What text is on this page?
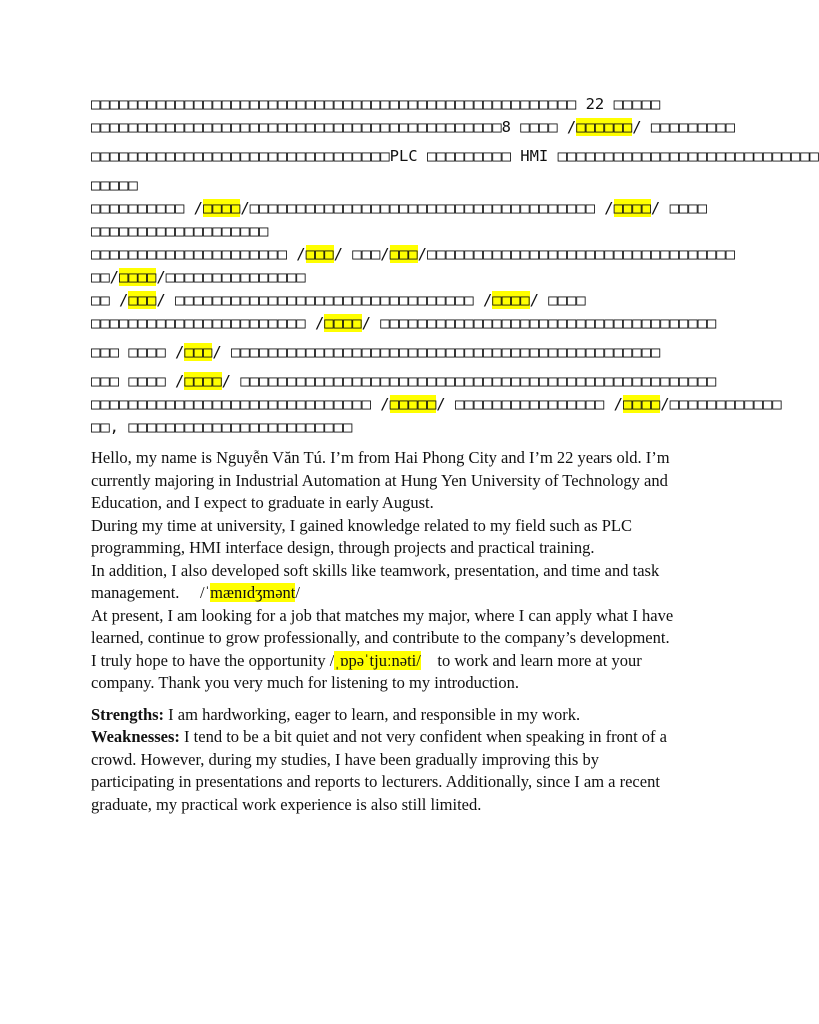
□□□□□□□□□□□□□□□□□□□□□□□□□□□□□□□□□□□□□□□□□□□□□□□□□□□□ 22 □□□□□
□□□□□□□□□□□□□□□□□□□□□□□□□□□□□□□□□□□□□□□□□□□□8 □□□□ /□□□□□□/ □□□□□□□□□
□□□□□□□□□□□□□□□□□□□□□□□□□□□□□□□□PLC □□□□□□□□□ HMI □□□□□□□□□□□□□□□□□□□□□□□□□□□□
□□□□□
□□□□□□□□□□ /□□□□/□□□□□□□□□□□□□□□□□□□□□□□□□□□□□□□□□□□□□ /□□□□/ □□□□
□□□□□□□□□□□□□□□□□□□
□□□□□□□□□□□□□□□□□□□□□ /□□□/ □□□/□□□/□□□□□□□□□□□□□□□□□□□□□□□□□□□□□□□□□
□□/□□□□/□□□□□□□□□□□□□□□
□□ /□□□/ □□□□□□□□□□□□□□□□□□□□□□□□□□□□□□□□ /□□□□/ □□□□
□□□□□□□□□□□□□□□□□□□□□□□ /□□□□/ □□□□□□□□□□□□□□□□□□□□□□□□□□□□□□□□□□□□
□□□ □□□□ /□□□/ □□□□□□□□□□□□□□□□□□□□□□□□□□□□□□□□□□□□□□□□□□□□□□
□□□ □□□□ /□□□□/ □□□□□□□□□□□□□□□□□□□□□□□□□□□□□□□□□□□□□□□□□□□□□□□□□□□
□□□□□□□□□□□□□□□□□□□□□□□□□□□□□□ /□□□□□/ □□□□□□□□□□□□□□□□ /□□□□/□□□□□□□□□□□□
□□, □□□□□□□□□□□□□□□□□□□□□□□□

Hello, my name is Nguyễn Văn Tú. I’m from Hai Phong City and I’m 22 years old. I’m currently majoring in Industrial Automation at Hung Yen University of Technology and Education, and I expect to graduate in early August.

During my time at university, I gained knowledge related to my field such as PLC programming, HMI interface design, through projects and practical training.

In addition, I also developed soft skills like teamwork, presentation, and time and task management. /ˈmænɪdʒmənt/

At present, I am looking for a job that matches my major, where I can apply what I have learned, continue to grow professionally, and contribute to the company’s development.

I truly hope to have the opportunity /ˌɒpəˈtjuːnəti/ to work and learn more at your company. Thank you very much for listening to my introduction.

Strengths: I am hardworking, eager to learn, and responsible in my work.

Weaknesses: I tend to be a bit quiet and not very confident when speaking in front of a crowd. However, during my studies, I have been gradually improving this by participating in presentations and reports to lecturers. Additionally, since I am a recent graduate, my practical work experience is also still limited.
